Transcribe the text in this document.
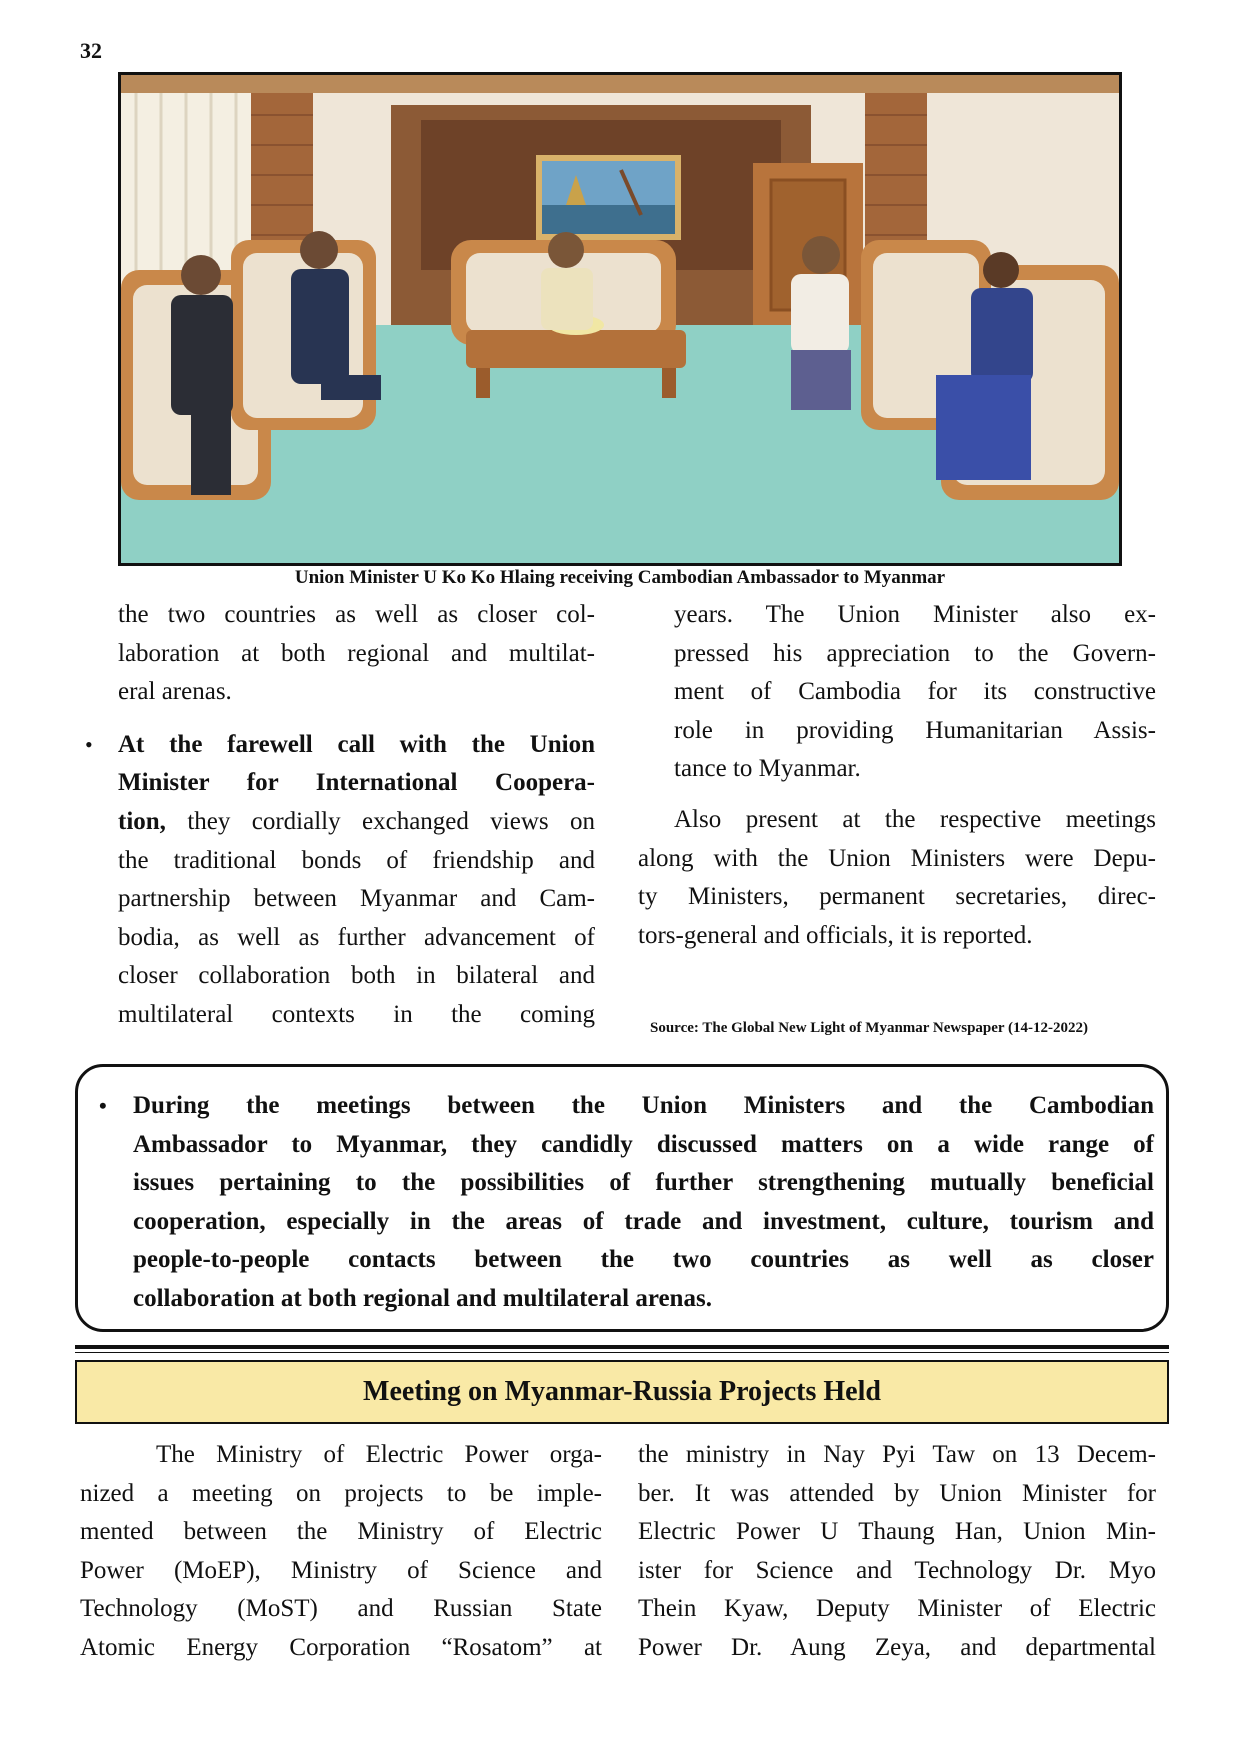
32
Union Minister U Ko Ko Hlaing receiving Cambodian Ambassador to Myanmar

the two countries as well as closer col-

laboration at both regional and multilat-

eral arenas.

• At the farewell call with the Union

Minister for International Coopera-

tion, they cordially exchanged views on

the traditional bonds of friendship and

partnership between Myanmar and Cam-

bodia, as well as further advancement of

closer collaboration both in bilateral and

multilateral contexts in the coming

years. The Union Minister also ex-

pressed his appreciation to the Govern-

ment of Cambodia for its constructive

role in providing Humanitarian Assis-

tance to Myanmar.

Also present at the respective meetings

along with the Union Ministers were Depu-

ty Ministers, permanent secretaries, direc-

tors-general and officials, it is reported.

Source: The Global New Light of Myanmar Newspaper (14-12-2022)
• During the meetings between the Union Ministers and the Cambodian

Ambassador to Myanmar, they candidly discussed matters on a wide range of

issues pertaining to the possibilities of further strengthening mutually beneficial

cooperation, especially in the areas of trade and investment, culture, tourism and

people-to-people contacts between the two countries as well as closer

collaboration at both regional and multilateral arenas.

Meeting on Myanmar-Russia Projects Held

The Ministry of Electric Power orga-

nized a meeting on projects to be imple-

mented between the Ministry of Electric

Power (MoEP), Ministry of Science and

Technology (MoST) and Russian State

Atomic Energy Corporation “Rosatom” at

the ministry in Nay Pyi Taw on 13 Decem-

ber. It was attended by Union Minister for

Electric Power U Thaung Han, Union Min-

ister for Science and Technology Dr. Myo

Thein Kyaw, Deputy Minister of Electric

Power Dr. Aung Zeya, and departmental
